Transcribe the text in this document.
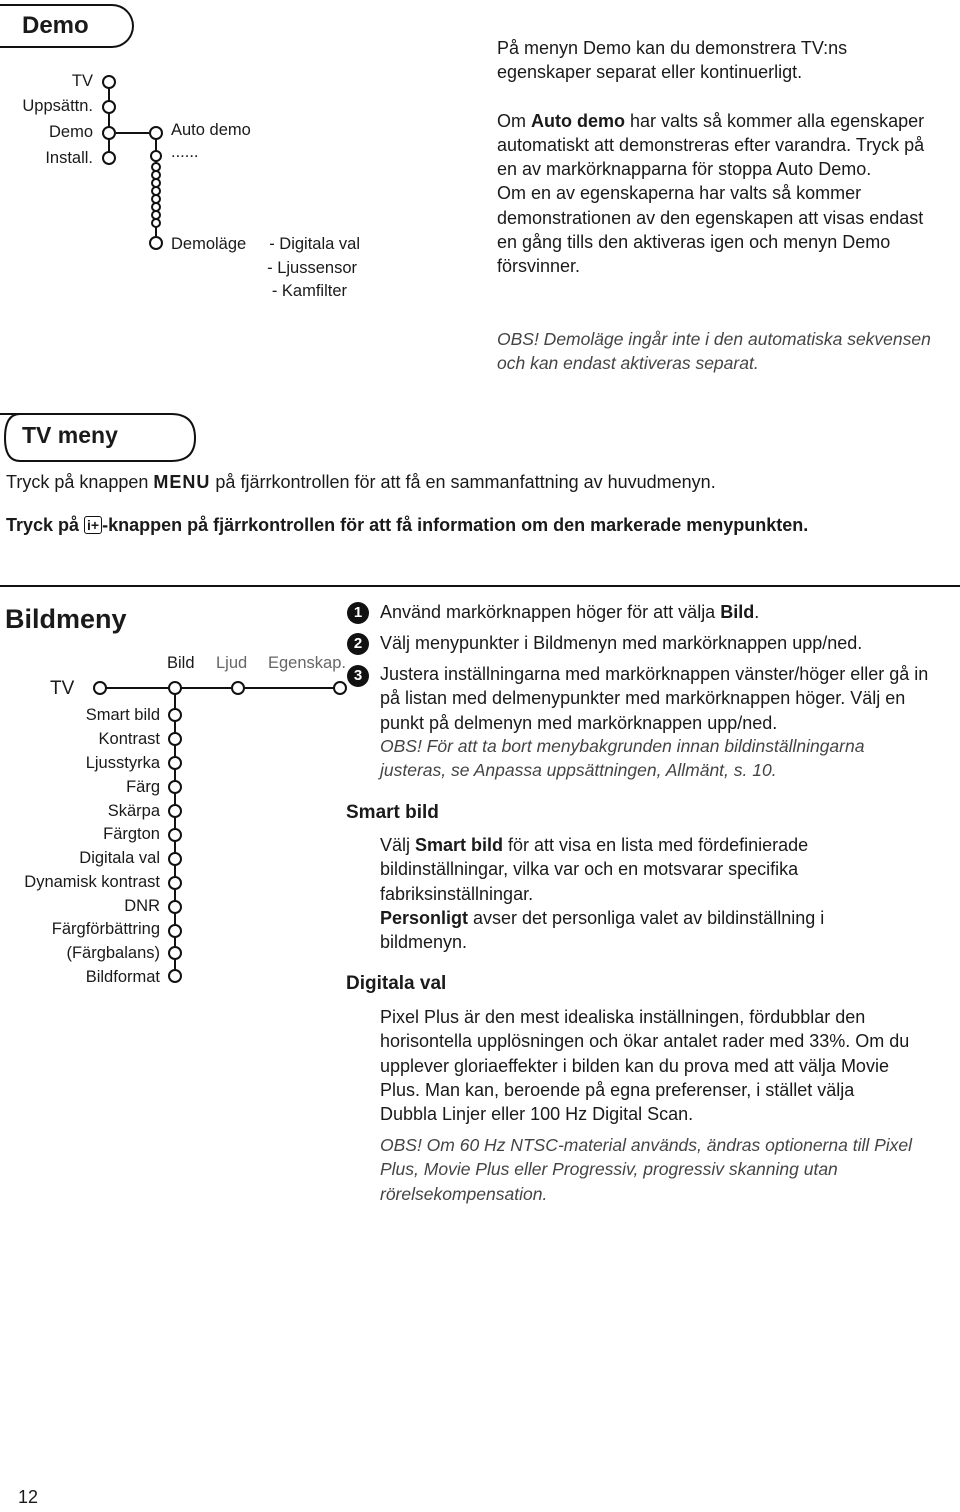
Demo
TV
Uppsättn.
Demo
Install.
Auto demo
......
Demoläge - Digitala val
- Ljussensor
- Kamfilter

På menyn Demo kan du demonstrera TV:ns egenskaper separat eller kontinuerligt.

Om Auto demo har valts så kommer alla egenskaper automatiskt att demonstreras efter varandra. Tryck på en av markörknapparna för stoppa Auto Demo.

Om en av egenskaperna har valts så kommer demonstrationen av den egenskapen att visas endast en gång tills den aktiveras igen och menyn Demo försvinner.

OBS! Demoläge ingår inte i den automatiska sekvensen och kan endast aktiveras separat.
TV meny
Tryck på knappen MENU på fjärrkontrollen för att få en sammanfattning av huvudmenyn.
Tryck på i+ -knappen på fjärrkontrollen för att få information om den markerade menypunkten.
Bildmeny
Bild Ljud Egenskap.
TV
Smart bild
Kontrast
Ljusstyrka
Färg
Skärpa
Färgton
Digitala val
Dynamisk kontrast
DNR
Färgförbättring
(Färgbalans)
Bildformat
1 Använd markörknappen höger för att välja Bild.
2 Välj menypunkter i Bildmenyn med markörknappen upp/ned.
3 Justera inställningarna med markörknappen vänster/höger eller gå in på listan med delmenypunkter med markörknappen höger. Välj en punkt på delmenyn med markörknappen upp/ned.
OBS! För att ta bort menybakgrunden innan bildinställningarna justeras, se Anpassa uppsättningen, Allmänt, s. 10.
Smart bild
Välj Smart bild för att visa en lista med fördefinierade bildinställningar, vilka var och en motsvarar specifika fabriksinställningar.
Personligt avser det personliga valet av bildinställning i bildmenyn.
Digitala val
Pixel Plus är den mest idealiska inställningen, fördubblar den horisontella upplösningen och ökar antalet rader med 33%. Om du upplever gloriaeffekter i bilden kan du prova med att välja Movie Plus. Man kan, beroende på egna preferenser, i stället välja Dubbla Linjer eller 100 Hz Digital Scan.
OBS! Om 60 Hz NTSC-material används, ändras optionerna till Pixel Plus, Movie Plus eller Progressiv, progressiv skanning utan rörelsekompensation.
12
